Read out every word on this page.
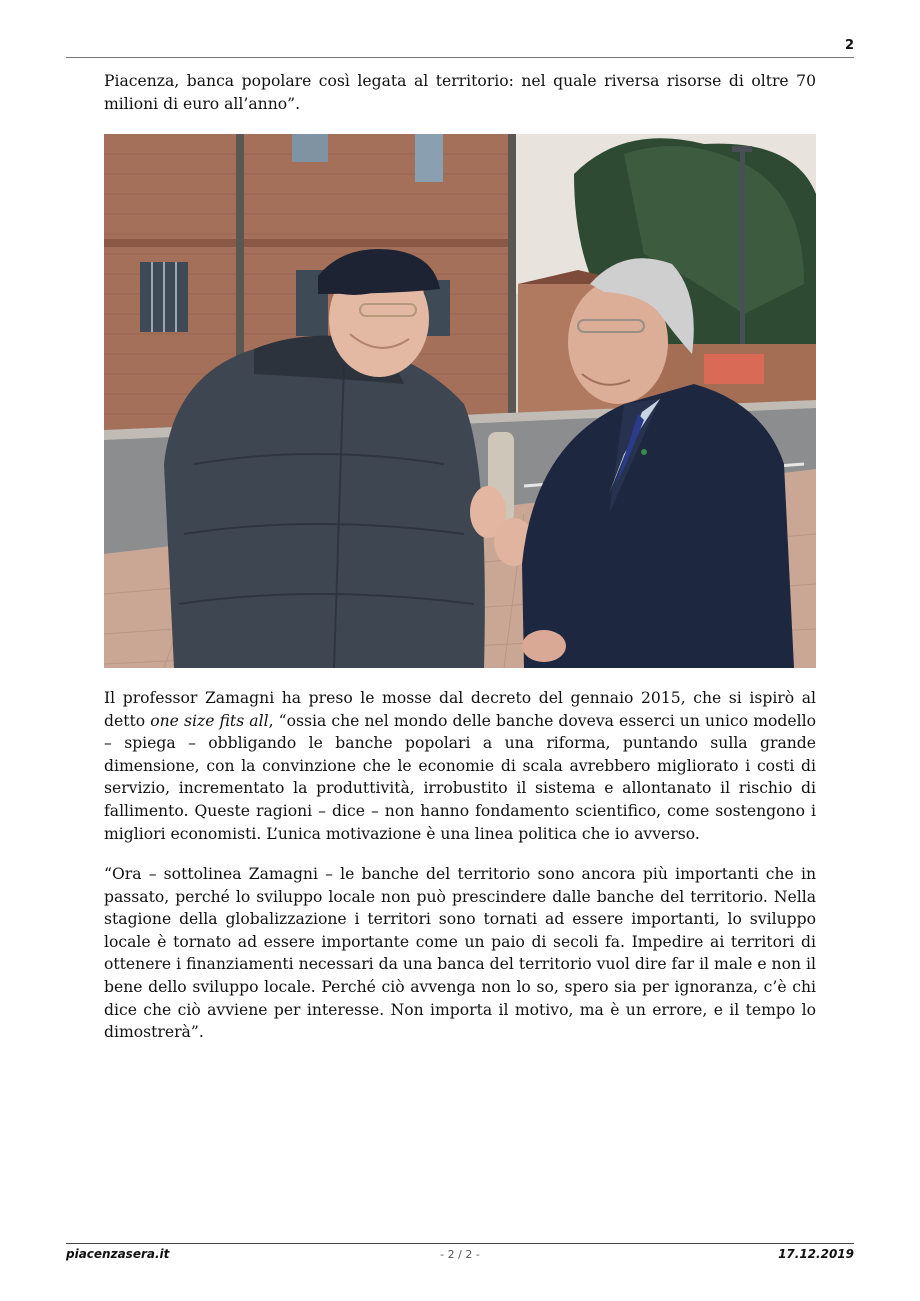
2

Piacenza, banca popolare così legata al territorio: nel quale riversa risorse di oltre 70 milioni di euro all’anno”.

Il professor Zamagni ha preso le mosse dal decreto del gennaio 2015, che si ispirò al detto one size fits all, “ossia che nel mondo delle banche doveva esserci un unico modello – spiega – obbligando le banche popolari a una riforma, puntando sulla grande dimensione, con la convinzione che le economie di scala avrebbero migliorato i costi di servizio, incrementato la produttività, irrobustito il sistema e allontanato il rischio di fallimento. Queste ragioni – dice – non hanno fondamento scientifico, come sostengono i migliori economisti. L’unica motivazione è una linea politica che io avverso.

“Ora – sottolinea Zamagni – le banche del territorio sono ancora più importanti che in passato, perché lo sviluppo locale non può prescindere dalle banche del territorio. Nella stagione della globalizzazione i territori sono tornati ad essere importanti, lo sviluppo locale è tornato ad essere importante come un paio di secoli fa. Impedire ai territori di ottenere i finanziamenti necessari da una banca del territorio vuol dire far il male e non il bene dello sviluppo locale. Perché ciò avvenga non lo so, spero sia per ignoranza, c’è chi dice che ciò avviene per interesse. Non importa il motivo, ma è un errore, e il tempo lo dimostrerà”.

piacenzasera.it	- 2 / 2 -	17.12.2019
